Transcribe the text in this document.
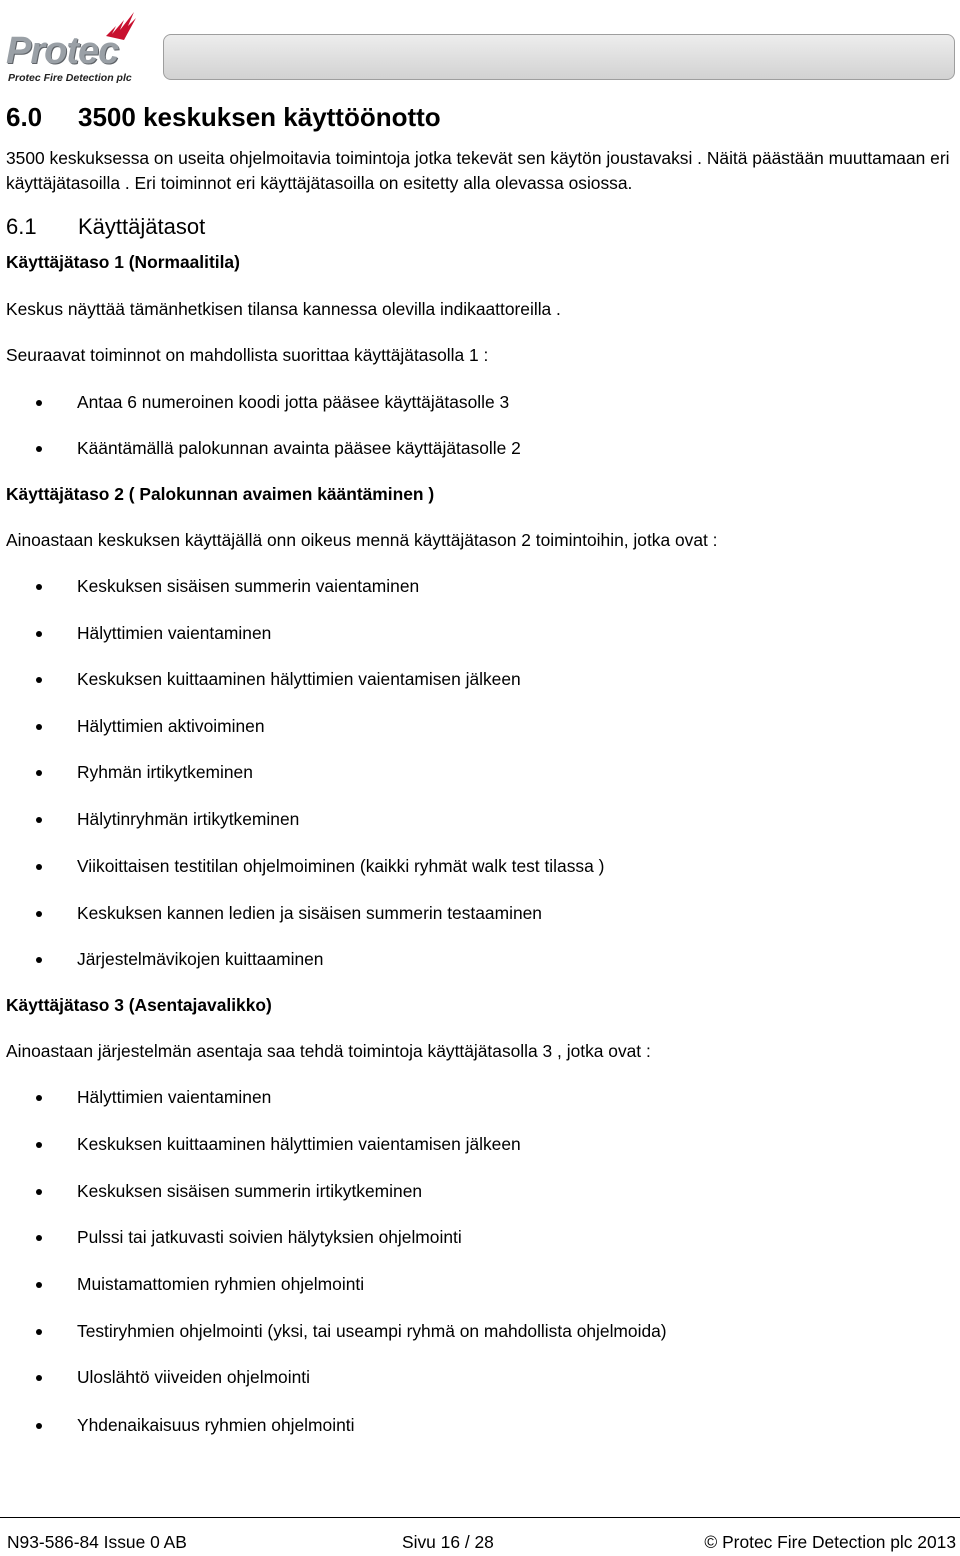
Protec
Protec Fire Detection plc
6.0 3500 keskuksen käyttöönotto
3500 keskuksessa on useita ohjelmoitavia toimintoja jotka tekevät sen käytön joustavaksi . Näitä päästään muuttamaan eri käyttäjätasoilla . Eri toiminnot eri käyttäjätasoilla on esitetty alla olevassa osiossa.
6.1 Käyttäjätasot
Käyttäjätaso 1 (Normaalitila)
Keskus näyttää tämänhetkisen tilansa kannessa olevilla indikaattoreilla .
Seuraavat toiminnot on mahdollista suorittaa käyttäjätasolla 1 :
Antaa 6 numeroinen koodi jotta pääsee käyttäjätasolle 3
Kääntämällä palokunnan avainta pääsee käyttäjätasolle 2
Käyttäjätaso 2 ( Palokunnan avaimen kääntäminen )
Ainoastaan keskuksen käyttäjällä onn oikeus mennä käyttäjätason 2 toimintoihin, jotka ovat :
Keskuksen sisäisen summerin vaientaminen
Hälyttimien vaientaminen
Keskuksen kuittaaminen hälyttimien vaientamisen jälkeen
Hälyttimien aktivoiminen
Ryhmän irtikytkeminen
Hälytinryhmän irtikytkeminen
Viikoittaisen testitilan ohjelmoiminen (kaikki ryhmät walk test tilassa )
Keskuksen kannen ledien ja sisäisen summerin testaaminen
Järjestelmävikojen kuittaaminen
Käyttäjätaso 3 (Asentajavalikko)
Ainoastaan järjestelmän asentaja saa tehdä toimintoja käyttäjätasolla 3 , jotka ovat :
Hälyttimien vaientaminen
Keskuksen kuittaaminen hälyttimien vaientamisen jälkeen
Keskuksen sisäisen summerin irtikytkeminen
Pulssi tai jatkuvasti soivien hälytyksien ohjelmointi
Muistamattomien ryhmien ohjelmointi
Testiryhmien ohjelmointi (yksi, tai useampi ryhmä on mahdollista ohjelmoida)
Uloslähtö viiveiden ohjelmointi
Yhdenaikaisuus ryhmien ohjelmointi
N93-586-84 Issue 0 AB	Sivu 16 / 28	© Protec Fire Detection plc 2013
